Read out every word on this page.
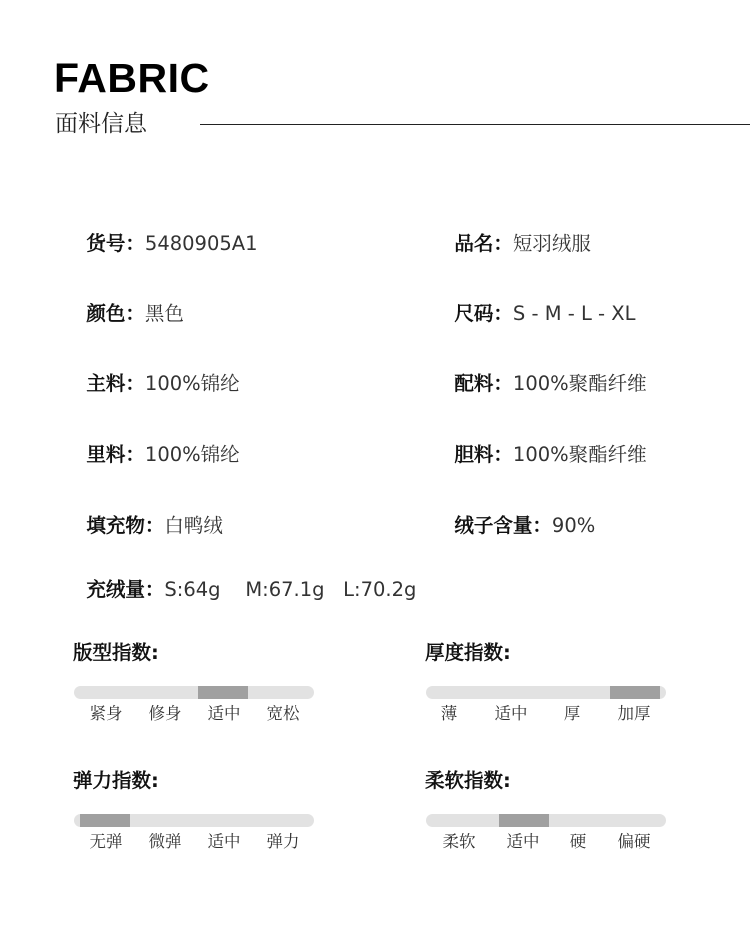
FABRIC
面料信息

货号：5480905A1	品名：短羽绒服

颜色：黑色	尺码：S - M - L - XL

主料：100%锦纶	配料：100%聚酯纤维

里料：100%锦纶	胆料：100%聚酯纤维

填充物：白鸭绒	绒子含量：90%

充绒量：S:64g    M:67.1g   L:70.2g

版型指数:
紧身 修身 适中 宽松
厚度指数:
薄 适中 厚 加厚
弹力指数:
无弹 微弹 适中 弹力
柔软指数:
柔软 适中 硬 偏硬
